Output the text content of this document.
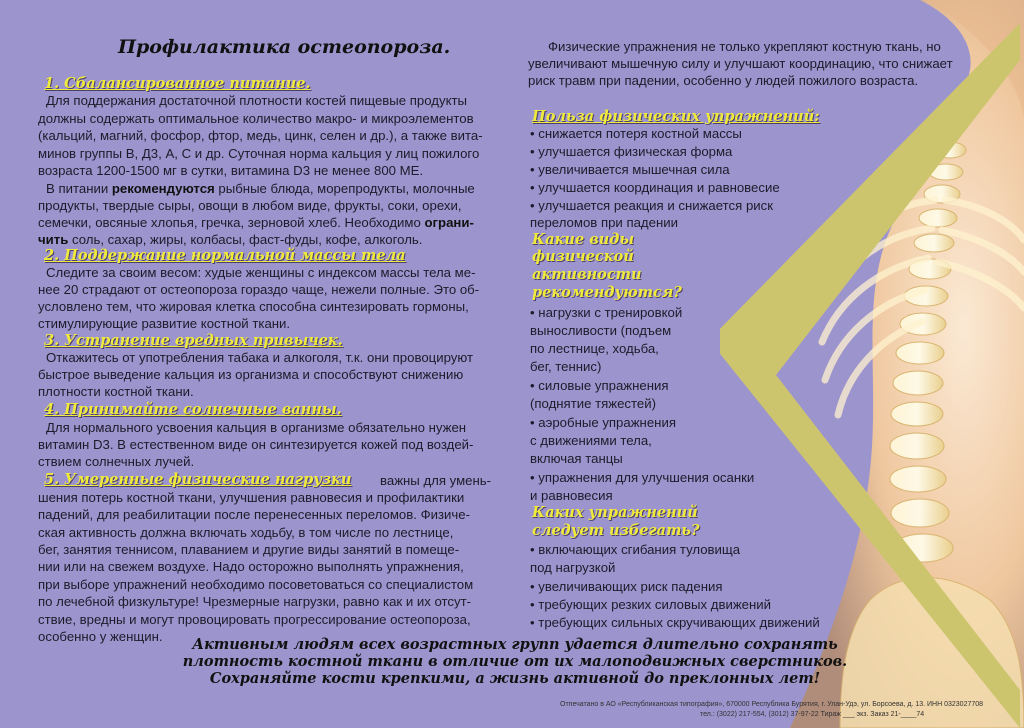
Профилактика остеопороза.

1. Сбалансированное питание.

Для поддержания достаточной плотности костей пищевые продукты

должны содержать оптимальное количество макро- и микроэлементов

(кальций, магний, фосфор, фтор, медь, цинк, селен и др.), а также вита-

минов группы В, Д3, А, С и др. Суточная норма кальция у лиц пожилого

возраста 1200-1500 мг в сутки, витамина D3 не менее 800 МЕ.

В питании рекомендуются рыбные блюда, морепродукты, молочные

продукты, твердые сыры, овощи в любом виде, фрукты, соки, орехи,

семечки, овсяные хлопья, гречка, зерновой хлеб. Необходимо ограни-

чить соль, сахар, жиры, колбасы, фаст-фуды, кофе, алкоголь.

2. Поддержание нормальной массы тела

Следите за своим весом: худые женщины с индексом массы тела ме-

нее 20 страдают от остеопороза гораздо чаще, нежели полные. Это об-

условлено тем, что жировая клетка способна синтезировать гормоны,

стимулирующие развитие костной ткани.

3. Устранение вредных привычек.

Откажитесь от употребления табака и алкоголя, т.к. они провоцируют

быстрое выведение кальция из организма и способствуют снижению

плотности костной ткани.

4. Принимайте солнечные ванны.

Для нормального усвоения кальция в организме обязательно нужен

витамин D3. В естественном виде он синтезируется кожей под воздей-

ствием солнечных лучей.

5. Умеренные физические нагрузки важны для умень-

шения потерь костной ткани, улучшения равновесия и профилактики

падений, для реабилитации после перенесенных переломов. Физиче-

ская активность должна включать ходьбу, в том числе по лестнице,

бег, занятия теннисом, плаванием и другие виды занятий в помеще-

нии или на свежем воздухе. Надо осторожно выполнять упражнения,

при выборе упражнений необходимо посоветоваться со специалистом

по лечебной физкультуре! Чрезмерные нагрузки, равно как и их отсут-

ствие, вредны и могут провоцировать прогрессирование остеопороза,

особенно у женщин.

Физические упражнения не только укрепляют костную ткань, но

увеличивают мышечную силу и улучшают координацию, что снижает

риск травм при падении, особенно у людей пожилого возраста.

Польза физических упражнений:

• снижается потеря костной массы

• улучшается физическая форма

• увеличивается мышечная сила

• улучшается координация и равновесие

• улучшается реакция и снижается риск

переломов при падении

Какие виды

физической

активности

рекомендуются?

• нагрузки с тренировкой

выносливости (подъем

по лестнице, ходьба,

бег, теннис)

• силовые упражнения

(поднятие тяжестей)

• аэробные упражнения

с движениями тела,

включая танцы

• упражнения для улучшения осанки

и равновесия

Каких упражнений

следует избегать?

• включающих сгибания туловища

под нагрузкой

• увеличивающих риск падения

• требующих резких силовых движений

• требующих сильных скручивающих движений

Активным людям всех возрастных групп удается длительно сохранять

плотность костной ткани в отличие от их малоподвижных сверстников.

Сохраняйте кости крепкими, а жизнь активной до преклонных лет!

Отпечатано в АО «Республиканская типография», 670000 Республика Бурятия, г. Улан-Удэ, ул. Борсоева, д. 13. ИНН 0323027708

тел.: (3022) 217-554, (3012) 37-97-22 Тираж ___ экз. Заказ 21-____74
